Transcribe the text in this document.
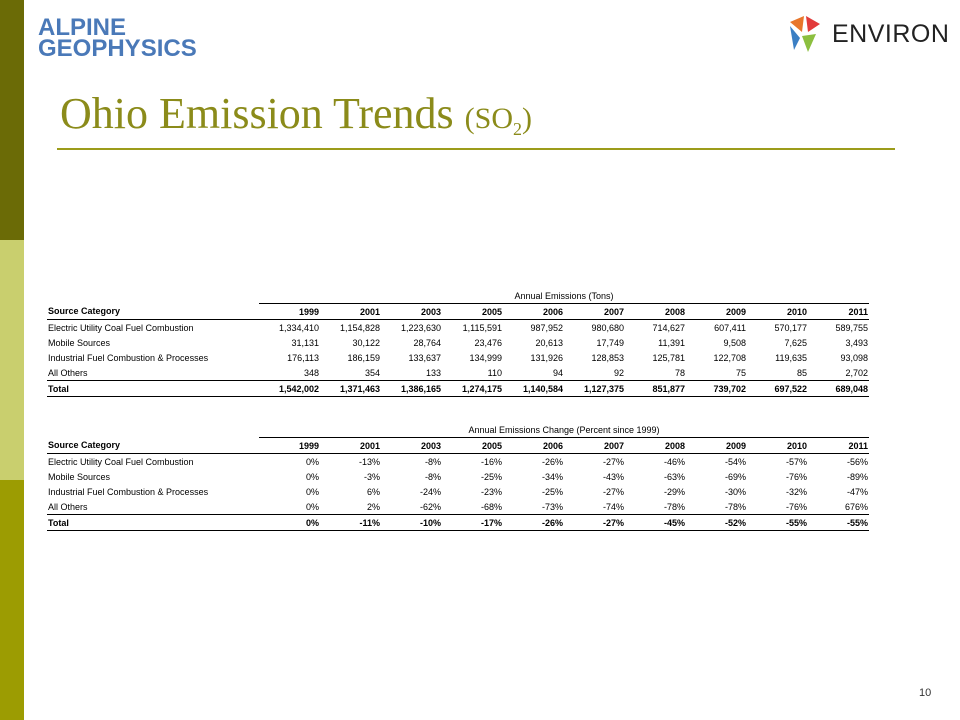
ALPINE
GEOPHYSICS
ENVIRON
Ohio Emission Trends $(SO_2)$
	Annual Emissions (Tons)									
Source Category	1999	2001	2003	2005	2006	2007	2008	2009	2010	2011
Electric Utility Coal Fuel Combustion	1,334,410	1,154,828	1,223,630	1,115,591	987,952	980,680	714,627	607,411	570,177	589,755
Mobile Sources	31,131	30,122	28,764	23,476	20,613	17,749	11,391	9,508	7,625	3,493
Industrial Fuel Combustion & Processes	176,113	186,159	133,637	134,999	131,926	128,853	125,781	122,708	119,635	93,098
All Others	348	354	133	110	94	92	78	75	85	2,702
Total	1,542,002	1,371,463	1,386,165	1,274,175	1,140,584	1,127,375	851,877	739,702	697,522	689,048
	Annual Emissions Change (Percent since 1999)									
Source Category	1999	2001	2003	2005	2006	2007	2008	2009	2010	2011
Electric Utility Coal Fuel Combustion	0%	-13%	-8%	-16%	-26%	-27%	-46%	-54%	-57%	-56%
Mobile Sources	0%	-3%	-8%	-25%	-34%	-43%	-63%	-69%	-76%	-89%
Industrial Fuel Combustion & Processes	0%	6%	-24%	-23%	-25%	-27%	-29%	-30%	-32%	-47%
All Others	0%	2%	-62%	-68%	-73%	-74%	-78%	-78%	-76%	676%
Total	0%	-11%	-10%	-17%	-26%	-27%	-45%	-52%	-55%	-55%
10
